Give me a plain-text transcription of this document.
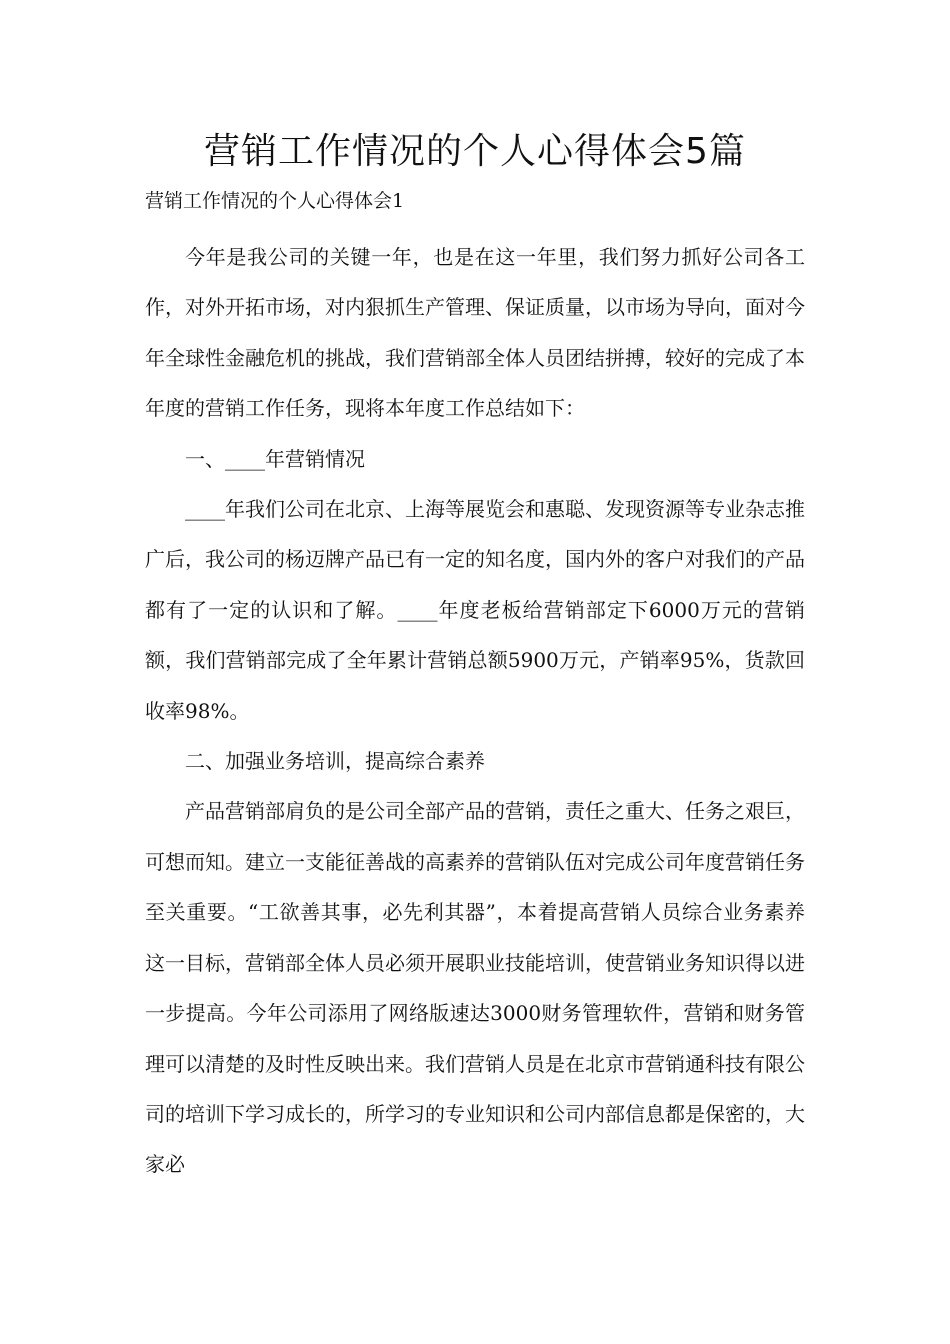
营销工作情况的个人心得体会5篇

营销工作情况的个人心得体会1

今年是我公司的关键一年，也是在这一年里，我们努力抓好公司各工作，对外开拓市场，对内狠抓生产管理、保证质量，以市场为导向，面对今年全球性金融危机的挑战，我们营销部全体人员团结拼搏，较好的完成了本年度的营销工作任务，现将本年度工作总结如下：

一、____年营销情况

____年我们公司在北京、上海等展览会和惠聪、发现资源等专业杂志推广后，我公司的杨迈牌产品已有一定的知名度，国内外的客户对我们的产品都有了一定的认识和了解。____年度老板给营销部定下6000万元的营销额，我们营销部完成了全年累计营销总额5900万元，产销率95%，货款回收率98%。

二、加强业务培训，提高综合素养

产品营销部肩负的是公司全部产品的营销，责任之重大、任务之艰巨，可想而知。建立一支能征善战的高素养的营销队伍对完成公司年度营销任务至关重要。“工欲善其事，必先利其器”，本着提高营销人员综合业务素养这一目标，营销部全体人员必须开展职业技能培训，使营销业务知识得以进一步提高。今年公司添用了网络版速达3000财务管理软件，营销和财务管理可以清楚的及时性反映出来。我们营销人员是在北京市营销通科技有限公司的培训下学习成长的，所学习的专业知识和公司内部信息都是保密的，大家必
